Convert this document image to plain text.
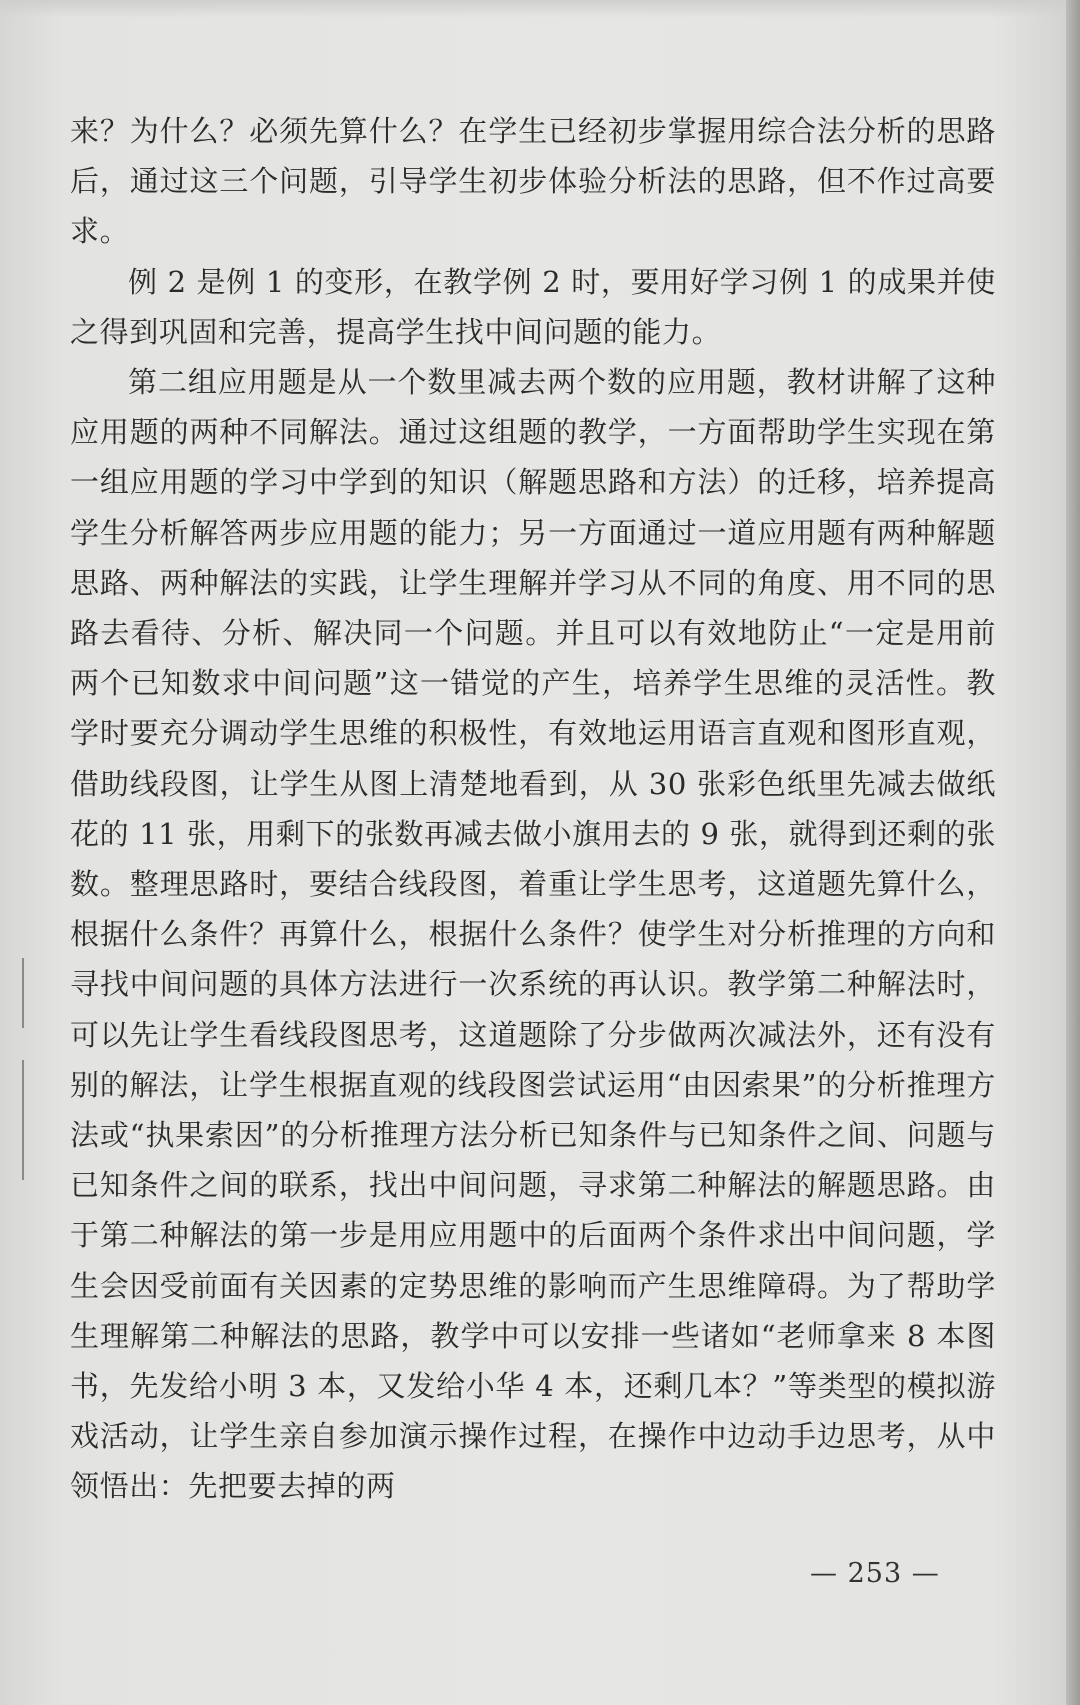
来？为什么？必须先算什么？在学生已经初步掌握用综合法分析的思路后，通过这三个问题，引导学生初步体验分析法的思路，但不作过高要求。

例 2 是例 1 的变形，在教学例 2 时，要用好学习例 1 的成果并使之得到巩固和完善，提高学生找中间问题的能力。

第二组应用题是从一个数里减去两个数的应用题，教材讲解了这种应用题的两种不同解法。通过这组题的教学，一方面帮助学生实现在第一组应用题的学习中学到的知识（解题思路和方法）的迁移，培养提高学生分析解答两步应用题的能力；另一方面通过一道应用题有两种解题思路、两种解法的实践，让学生理解并学习从不同的角度、用不同的思路去看待、分析、解决同一个问题。并且可以有效地防止“一定是用前两个已知数求中间问题”这一错觉的产生，培养学生思维的灵活性。教学时要充分调动学生思维的积极性，有效地运用语言直观和图形直观，借助线段图，让学生从图上清楚地看到，从 30 张彩色纸里先减去做纸花的 11 张，用剩下的张数再减去做小旗用去的 9 张，就得到还剩的张数。整理思路时，要结合线段图，着重让学生思考，这道题先算什么，根据什么条件？再算什么，根据什么条件？使学生对分析推理的方向和寻找中间问题的具体方法进行一次系统的再认识。教学第二种解法时，可以先让学生看线段图思考，这道题除了分步做两次减法外，还有没有别的解法，让学生根据直观的线段图尝试运用“由因索果”的分析推理方法或“执果索因”的分析推理方法分析已知条件与已知条件之间、问题与已知条件之间的联系，找出中间问题，寻求第二种解法的解题思路。由于第二种解法的第一步是用应用题中的后面两个条件求出中间问题，学生会因受前面有关因素的定势思维的影响而产生思维障碍。为了帮助学生理解第二种解法的思路，教学中可以安排一些诸如“老师拿来 8 本图书，先发给小明 3 本，又发给小华 4 本，还剩几本？”等类型的模拟游戏活动，让学生亲自参加演示操作过程，在操作中边动手边思考，从中领悟出：先把要去掉的两

— 253 —
